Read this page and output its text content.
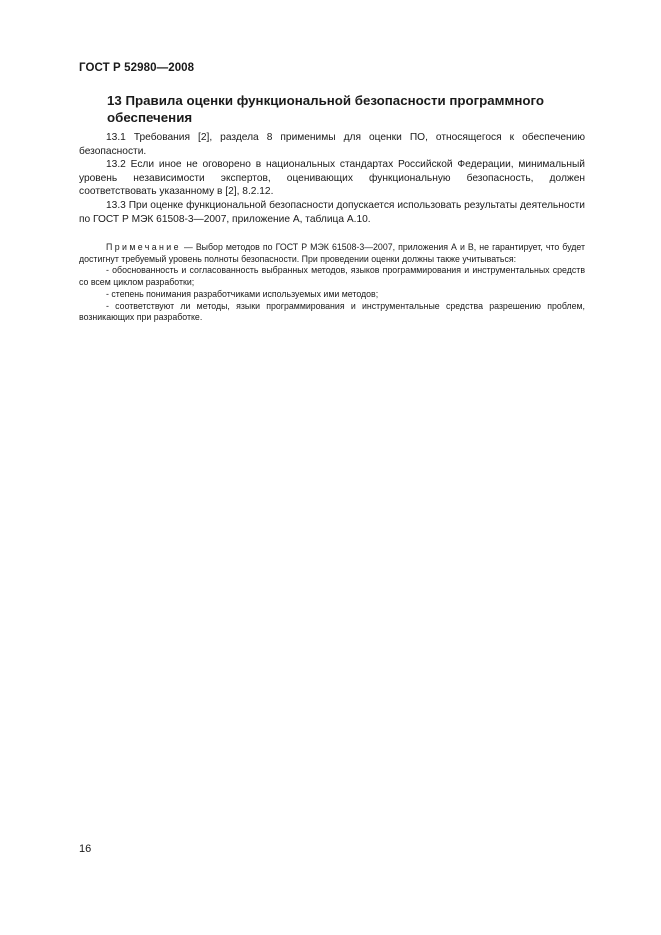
ГОСТ Р 52980—2008
13 Правила оценки функциональной безопасности программного обеспечения

13.1 Требования [2], раздела 8 применимы для оценки ПО, относящегося к обеспечению безопасности.

13.2 Если иное не оговорено в национальных стандартах Российской Федерации, минимальный уровень независимости экспертов, оценивающих функциональную безопасность, должен соответствовать указанному в [2], 8.2.12.

13.3 При оценке функциональной безопасности допускается использовать результаты деятельности по ГОСТ Р МЭК 61508-3—2007, приложение А, таблица А.10.

Примечание — Выбор методов по ГОСТ Р МЭК 61508-3—2007, приложения А и В, не гарантирует, что будет достигнут требуемый уровень полноты безопасности. При проведении оценки должны также учитываться:

- обоснованность и согласованность выбранных методов, языков программирования и инструментальных средств со всем циклом разработки;

- степень понимания разработчиками используемых ими методов;

- соответствуют ли методы, языки программирования и инструментальные средства разрешению проблем, возникающих при разработке.

16
